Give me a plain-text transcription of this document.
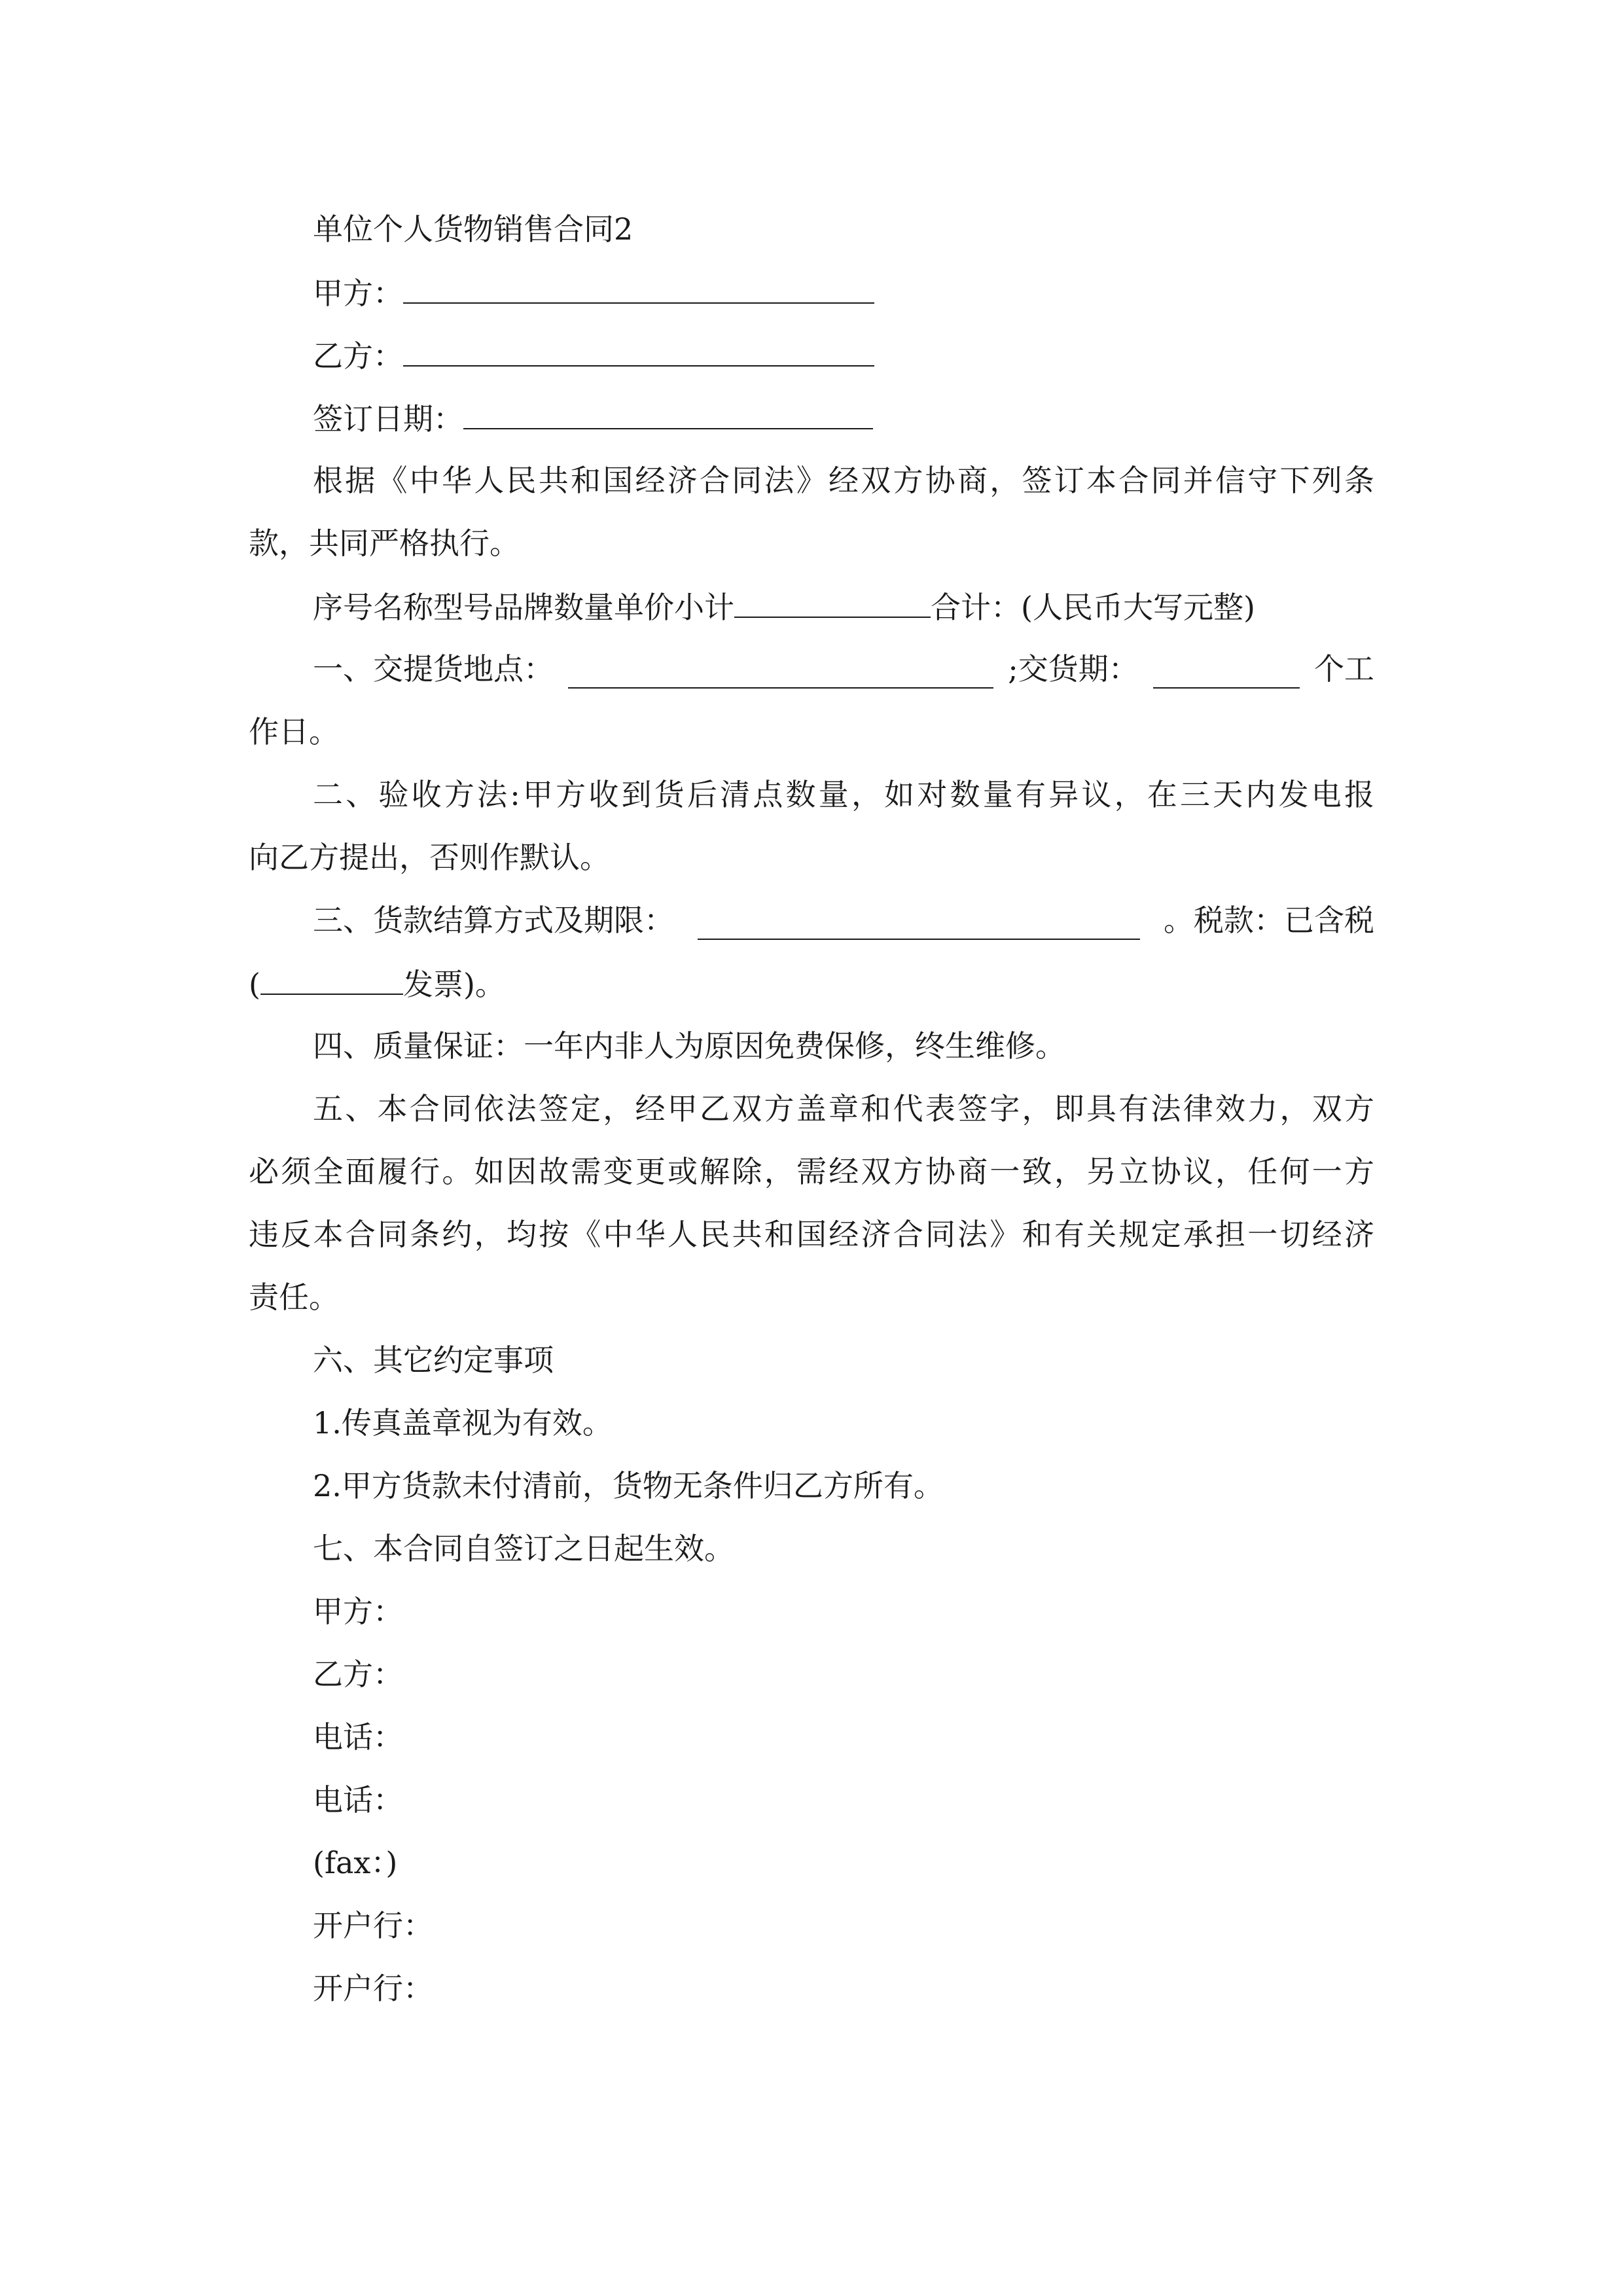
单位个人货物销售合同2
甲方：
乙方：
签订日期：
根据《中华人民共和国经济合同法》经双方协商，签订本合同并信守下列条
款，共同严格执行。
序号名称型号品牌数量单价小计	合计：(人民币大写元整)
一、交提货地点：	;交货期：	个工
作日。
二、验收方法:甲方收到货后清点数量，如对数量有异议，在三天内发电报
向乙方提出，否则作默认。
三、货款结算方式及期限：	。税款：已含税
(	发票)。
四、质量保证：一年内非人为原因免费保修，终生维修。
五、本合同依法签定，经甲乙双方盖章和代表签字，即具有法律效力，双方
必须全面履行。如因故需变更或解除，需经双方协商一致，另立协议，任何一方
违反本合同条约，均按《中华人民共和国经济合同法》和有关规定承担一切经济
责任。
六、其它约定事项
1.传真盖章视为有效。
2.甲方货款未付清前，货物无条件归乙方所有。
七、本合同自签订之日起生效。
甲方：
乙方：
电话：
电话：
(fax：)
开户行：
开户行：
